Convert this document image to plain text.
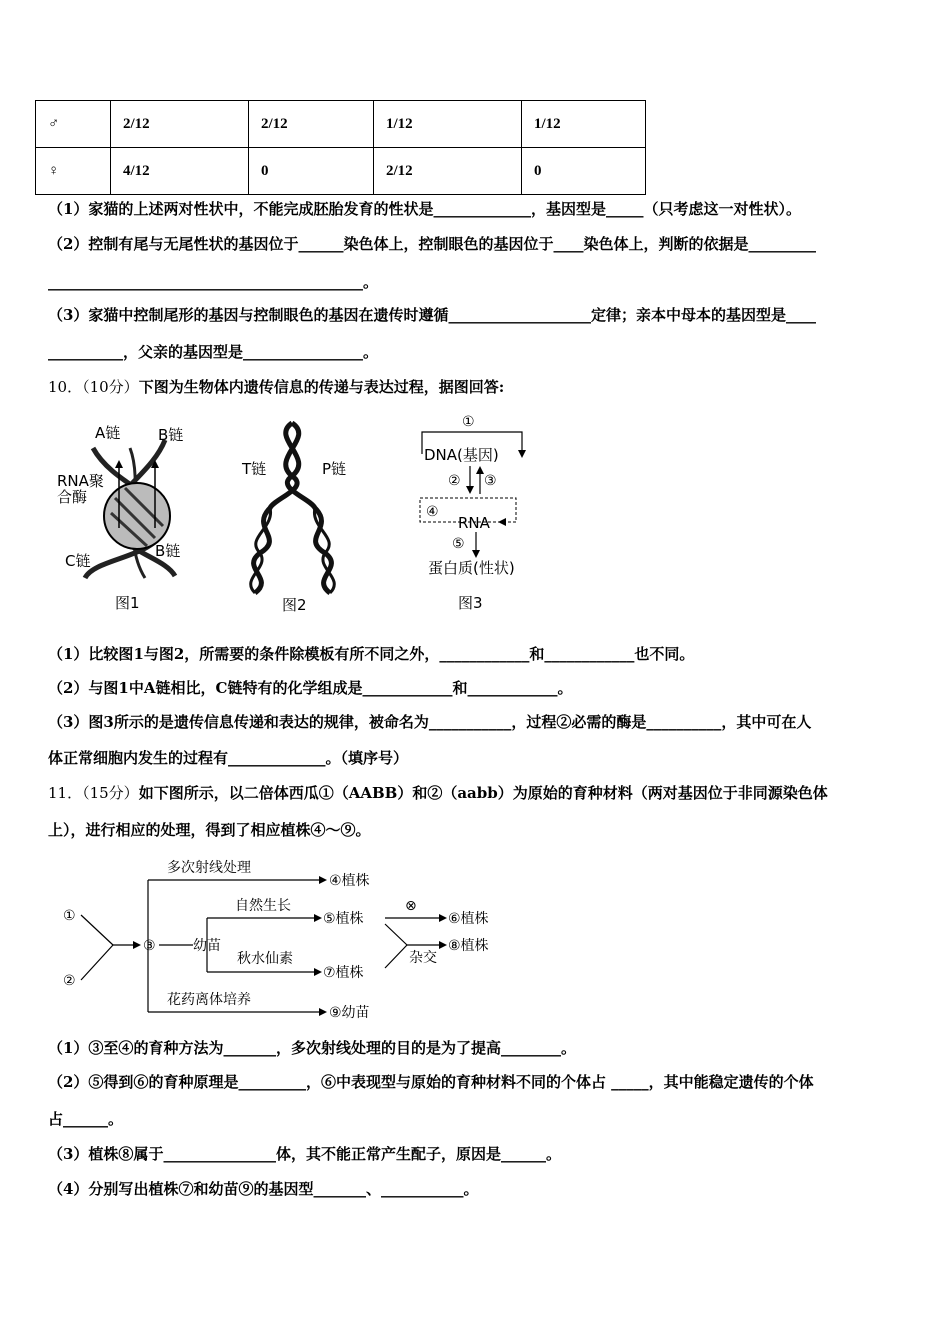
♂	2/12	2/12	1/12	1/12
♀	4/12	0	2/12	0
（1）家猫的上述两对性状中，不能完成胚胎发育的性状是_____________，基因型是_____（只考虑这一对性状）。
（2）控制有尾与无尾性状的基因位于______染色体上，控制眼色的基因位于____染色体上，判断的依据是_________
__________________________________________。
（3）家猫中控制尾形的基因与控制眼色的基因在遗传时遵循___________________定律；亲本中母本的基因型是____
__________，父亲的基因型是________________。
10．（10分）下图为生物体内遗传信息的传递与表达过程，据图回答:
A链	B链
RNA聚
合酶
C链
B链
图1
T链	P链
图2
①
DNA(基因)
② ③
④
RNA
⑤
蛋白质(性状)
图3
（1）比较图1与图2，所需要的条件除模板有所不同之外，____________和____________也不同。
（2）与图1中A链相比，C链特有的化学组成是____________和____________。
（3）图3所示的是遗传信息传递和表达的规律，被命名为___________，过程②必需的酶是__________，其中可在人
体正常细胞内发生的过程有_____________。（填序号）
11．（15分）如下图所示，以二倍体西瓜①（AABB）和②（aabb）为原始的育种材料（两对基因位于非同源染色体
上），进行相应的处理，得到了相应植株④～⑨。
①
②
③
多次射线处理
④植株
幼苗
自然生长
⑤植株
秋水仙素
⑦植株
⊗
⑥植株
杂交
⑧植株
花药离体培养
⑨幼苗
（1）③至④的育种方法为_______，多次射线处理的目的是为了提高________。
（2）⑤得到⑥的育种原理是_________，⑥中表现型与原始的育种材料不同的个体占 _____，其中能稳定遗传的个体
占______。
（3）植株⑧属于_______________体，其不能正常产生配子，原因是______。
（4）分别写出植株⑦和幼苗⑨的基因型_______、___________。
